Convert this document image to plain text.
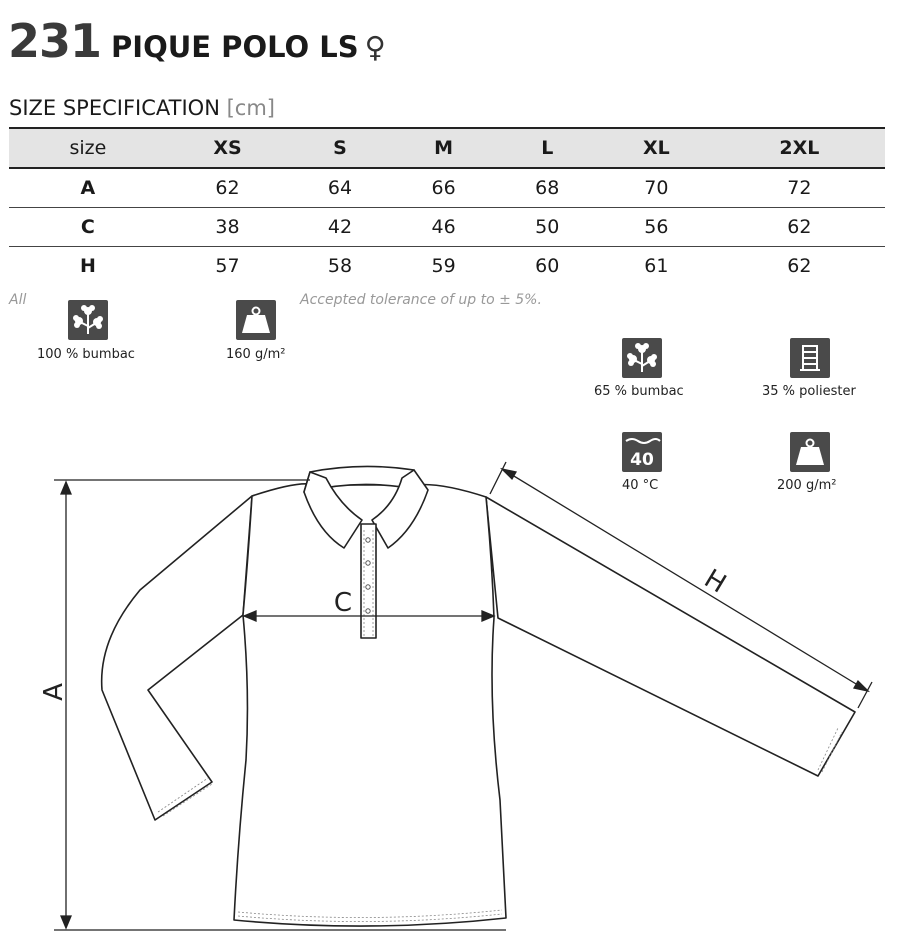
231 PIQUE POLO LS ♀
SIZE SPECIFICATION [cm]
size	XS	S	M	L	XL	2XL
A	62	64	66	68	70	72
C	38	42	46	50	56	62
H	57	58	59	60	61	62
All	Accepted tolerance of up to ± 5%.
100 % bumbac	160 g/m²
65 % bumbac	35 % poliester
40
40 °C	200 g/m²
A
C
H
